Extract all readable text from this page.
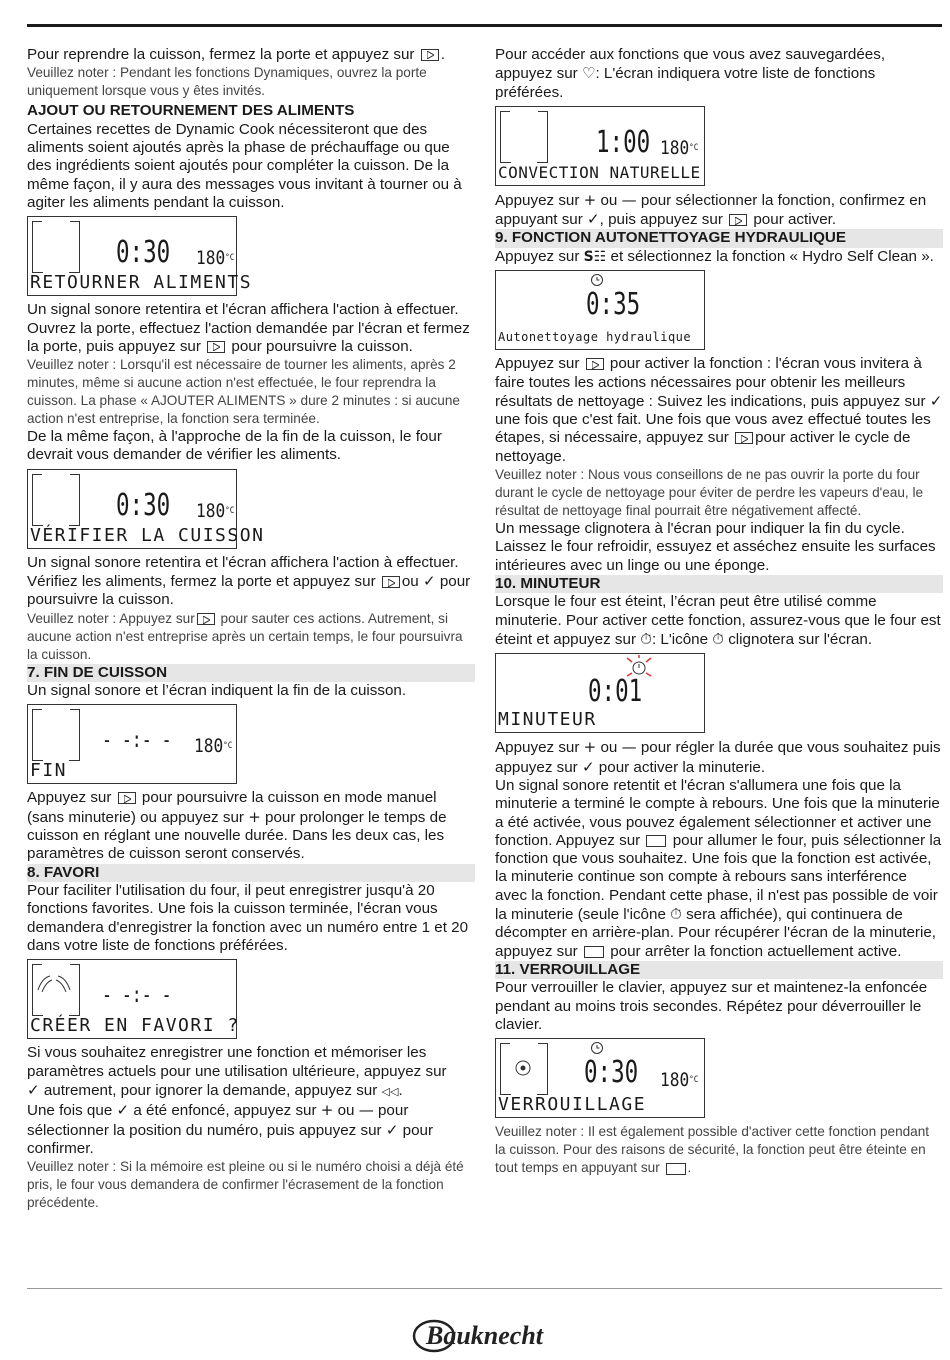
Pour reprendre la cuisson, fermez la porte et appuyez sur .

Veuillez noter : Pendant les fonctions Dynamiques, ouvrez la porte uniquement lorsque vous y êtes invités.

AJOUT OU RETOURNEMENT DES ALIMENTS

Certaines recettes de Dynamic Cook nécessiteront que des aliments soient ajoutés après la phase de préchauffage ou que des ingrédients soient ajoutés pour compléter la cuisson. De la même façon, il y aura des messages vous invitant à tourner ou à agiter les aliments pendant la cuisson.

0:30 $180^{^\circ C}$
RETOURNER ALIMENTS

Un signal sonore retentira et l'écran affichera l'action à effectuer. Ouvrez la porte, effectuez l'action demandée par l'écran et fermez la porte, puis appuyez sur pour poursuivre la cuisson.

Veuillez noter : Lorsqu'il est nécessaire de tourner les aliments, après 2 minutes, même si aucune action n'est effectuée, le four reprendra la cuisson. La phase « AJOUTER ALIMENTS » dure 2 minutes : si aucune action n'est entreprise, la fonction sera terminée.

De la même façon, à l'approche de la fin de la cuisson, le four devrait vous demander de vérifier les aliments.

0:30 $180^{^\circ C}$
VÉRIFIER LA CUISSON

Un signal sonore retentira et l'écran affichera l'action à effectuer. Vérifiez les aliments, fermez la porte et appuyez sur ou ✓ pour poursuivre la cuisson.

Veuillez noter : Appuyez sur pour sauter ces actions. Autrement, si aucune action n'est entreprise après un certain temps, le four poursuivra la cuisson.

7. FIN DE CUISSON

Un signal sonore et l’écran indiquent la fin de la cuisson.

- -:- - $180^{^\circ C}$
FIN

Appuyez sur pour poursuivre la cuisson en mode manuel (sans minuterie) ou appuyez sur + pour prolonger le temps de cuisson en réglant une nouvelle durée. Dans les deux cas, les paramètres de cuisson seront conservés.

8. FAVORI

Pour faciliter l'utilisation du four, il peut enregistrer jusqu'à 20 fonctions favorites. Une fois la cuisson terminée, l'écran vous demandera d'enregistrer la fonction avec un numéro entre 1 et 20 dans votre liste de fonctions préférées.

- -:- -
CRÉER EN FAVORI ?

Si vous souhaitez enregistrer une fonction et mémoriser les paramètres actuels pour une utilisation ultérieure, appuyez sur
✓ autrement, pour ignorer la demande, appuyez sur ◁◁.

Une fois que ✓ a été enfoncé, appuyez sur + ou — pour sélectionner la position du numéro, puis appuyez sur ✓ pour confirmer.

Veuillez noter : Si la mémoire est pleine ou si le numéro choisi a déjà été pris, le four vous demandera de confirmer l'écrasement de la fonction précédente.

Pour accéder aux fonctions que vous avez sauvegardées, appuyez sur ♡: L'écran indiquera votre liste de fonctions préférées.

1:00 $180^{^\circ C}$
CONVECTION NATURELLE

Appuyez sur + ou — pour sélectionner la fonction, confirmez en appuyant sur ✓, puis appuyez sur pour activer.

9. FONCTION AUTONETTOYAGE HYDRAULIQUE

Appuyez sur S☷ et sélectionnez la fonction « Hydro Self Clean ».

0:35
Autonettoyage hydraulique

Appuyez sur pour activer la fonction : l'écran vous invitera à faire toutes les actions nécessaires pour obtenir les meilleurs résultats de nettoyage : Suivez les indications, puis appuyez sur ✓ une fois que c'est fait. Une fois que vous avez effectué toutes les étapes, si nécessaire, appuyez sur pour activer le cycle de nettoyage.

Veuillez noter : Nous vous conseillons de ne pas ouvrir la porte du four durant le cycle de nettoyage pour éviter de perdre les vapeurs d'eau, le résultat de nettoyage final pourrait être négativement affecté.

Un message clignotera à l'écran pour indiquer la fin du cycle. Laissez le four refroidir, essuyez et asséchez ensuite les surfaces intérieures avec un linge ou une éponge.

10. MINUTEUR

Lorsque le four est éteint, l’écran peut être utilisé comme minuterie. Pour activer cette fonction, assurez-vous que le four est éteint et appuyez sur ⏱: L'icône ⏱ clignotera sur l'écran.

0:01
MINUTEUR

Appuyez sur + ou — pour régler la durée que vous souhaitez puis appuyez sur ✓ pour activer la minuterie.

Un signal sonore retentit et l'écran s'allumera une fois que la minuterie a terminé le compte à rebours. Une fois que la minuterie a été activée, vous pouvez également sélectionner et activer une fonction. Appuyez sur pour allumer le four, puis sélectionner la fonction que vous souhaitez. Une fois que la fonction est activée, la minuterie continue son compte à rebours sans interférence avec la fonction. Pendant cette phase, il n'est pas possible de voir la minuterie (seule l'icône ⏱ sera affichée), qui continuera de décompter en arrière-plan. Pour récupérer l'écran de la minuterie, appuyez sur pour arrêter la fonction actuellement active.

11. VERROUILLAGE

Pour verrouiller le clavier, appuyez sur et maintenez-la enfoncée pendant au moins trois secondes. Répétez pour déverrouiller le clavier.

0:30 $180^{^\circ C}$
VERROUILLAGE

Veuillez noter : Il est également possible d'activer cette fonction pendant la cuisson. Pour des raisons de sécurité, la fonction peut être éteinte en tout temps en appuyant sur .

Bauknecht
